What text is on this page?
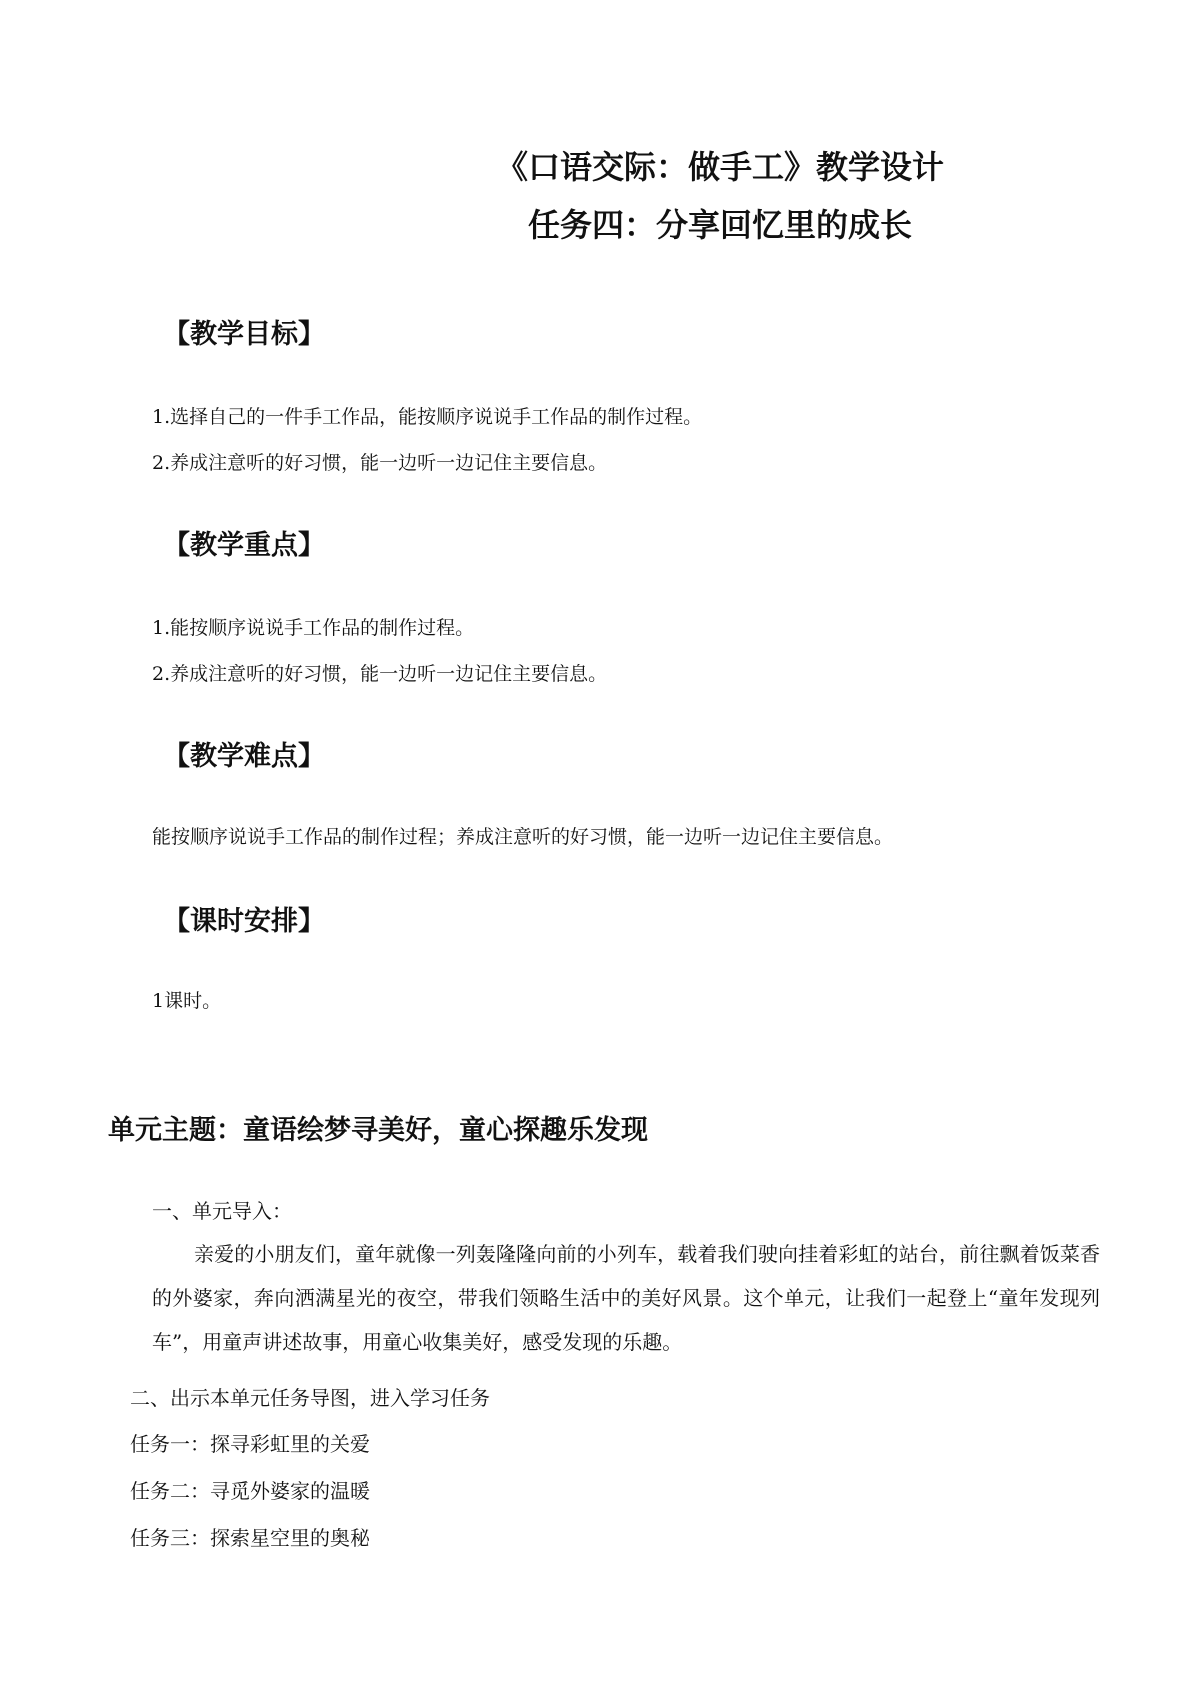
《口语交际：做手工》教学设计
任务四：分享回忆里的成长
【教学目标】
1.选择自己的一件手工作品，能按顺序说说手工作品的制作过程。
2.养成注意听的好习惯，能一边听一边记住主要信息。
【教学重点】
1.能按顺序说说手工作品的制作过程。
2.养成注意听的好习惯，能一边听一边记住主要信息。
【教学难点】
能按顺序说说手工作品的制作过程；养成注意听的好习惯，能一边听一边记住主要信息。
【课时安排】
1课时。
单元主题：童语绘梦寻美好，童心探趣乐发现
一、单元导入：
亲爱的小朋友们，童年就像一列轰隆隆向前的小列车，载着我们驶向挂着彩虹的站台，前往飘着饭菜香的外婆家，奔向洒满星光的夜空，带我们领略生活中的美好风景。这个单元，让我们一起登上“童年发现列车”，用童声讲述故事，用童心收集美好，感受发现的乐趣。
二、出示本单元任务导图，进入学习任务
任务一：探寻彩虹里的关爱
任务二：寻觅外婆家的温暖
任务三：探索星空里的奥秘
